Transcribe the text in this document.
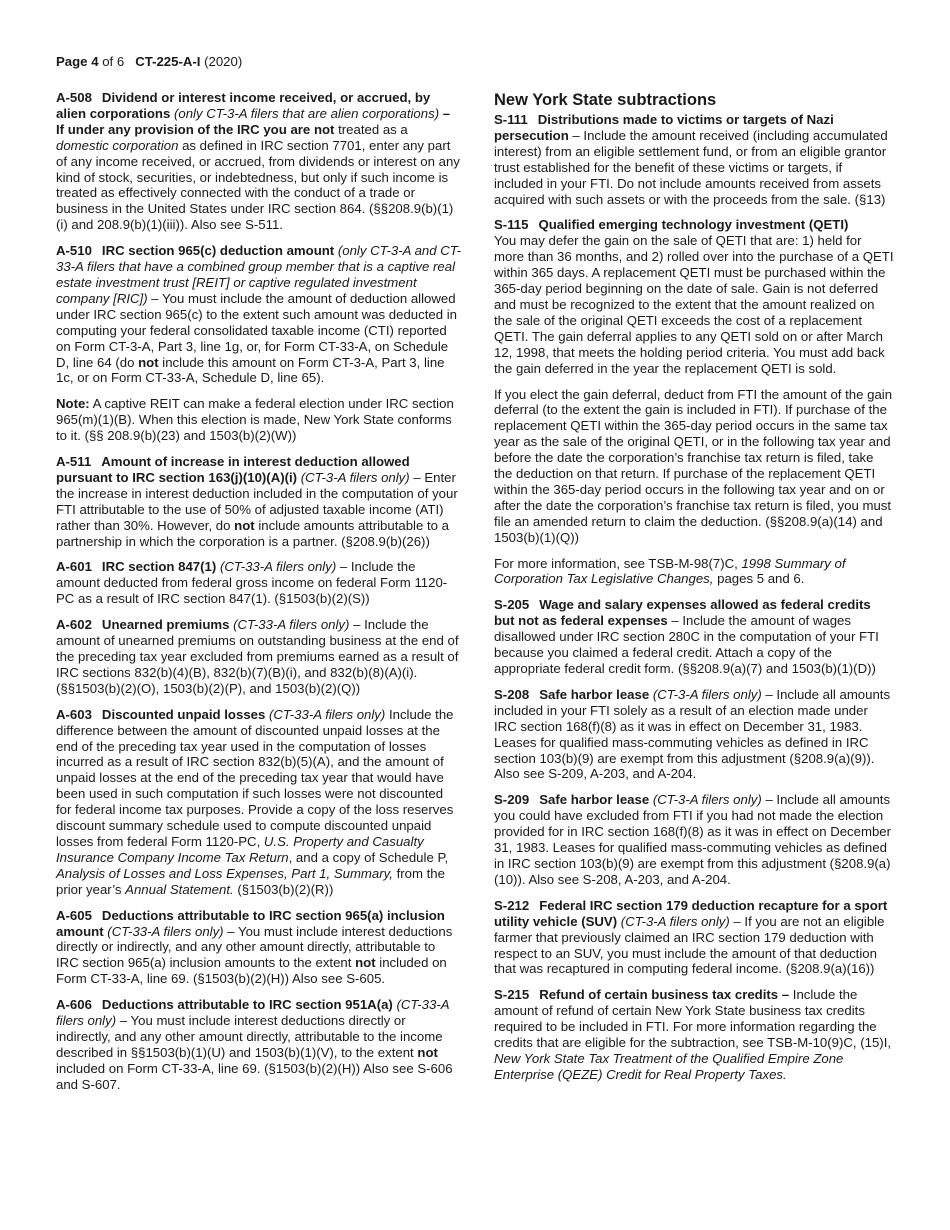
Page 4 of 6 CT-225-A-I (2020)

A-508 Dividend or interest income received, or accrued, by alien corporations (only CT-3-A filers that are alien corporations) – If under any provision of the IRC you are not treated as a domestic corporation as defined in IRC section 7701, enter any part of any income received, or accrued, from dividends or interest on any kind of stock, securities, or indebtedness, but only if such income is treated as effectively connected with the conduct of a trade or business in the United States under IRC section 864. (§§208.9(b)(1)(i) and 208.9(b)(1)(iii)). Also see S-511.

A-510 IRC section 965(c) deduction amount (only CT-3-A and CT-33-A filers that have a combined group member that is a captive real estate investment trust [REIT] or captive regulated investment company [RIC]) – You must include the amount of deduction allowed under IRC section 965(c) to the extent such amount was deducted in computing your federal consolidated taxable income (CTI) reported on Form CT-3-A, Part 3, line 1g, or, for Form CT-33-A, on Schedule D, line 64 (do not include this amount on Form CT-3-A, Part 3, line 1c, or on Form CT-33-A, Schedule D, line 65).

Note: A captive REIT can make a federal election under IRC section 965(m)(1)(B). When this election is made, New York State conforms to it. (§§ 208.9(b)(23) and 1503(b)(2)(W))

A-511 Amount of increase in interest deduction allowed pursuant to IRC section 163(j)(10)(A)(i) (CT-3-A filers only) – Enter the increase in interest deduction included in the computation of your FTI attributable to the use of 50% of adjusted taxable income (ATI) rather than 30%. However, do not include amounts attributable to a partnership in which the corporation is a partner. (§208.9(b)(26))

A-601 IRC section 847(1) (CT-33-A filers only) – Include the amount deducted from federal gross income on federal Form 1120-PC as a result of IRC section 847(1). (§1503(b)(2)(S))

A-602 Unearned premiums (CT-33-A filers only) – Include the amount of unearned premiums on outstanding business at the end of the preceding tax year excluded from premiums earned as a result of IRC sections 832(b)(4)(B), 832(b)(7)(B)(i), and 832(b)(8)(A)(i). (§§1503(b)(2)(O), 1503(b)(2)(P), and 1503(b)(2)(Q))

A-603 Discounted unpaid losses (CT-33-A filers only) Include the difference between the amount of discounted unpaid losses at the end of the preceding tax year used in the computation of losses incurred as a result of IRC section 832(b)(5)(A), and the amount of unpaid losses at the end of the preceding tax year that would have been used in such computation if such losses were not discounted for federal income tax purposes. Provide a copy of the loss reserves discount summary schedule used to compute discounted unpaid losses from federal Form 1120-PC, U.S. Property and Casualty Insurance Company Income Tax Return, and a copy of Schedule P, Analysis of Losses and Loss Expenses, Part 1, Summary, from the prior year’s Annual Statement. (§1503(b)(2)(R))

A-605 Deductions attributable to IRC section 965(a) inclusion amount (CT-33-A filers only) – You must include interest deductions directly or indirectly, and any other amount directly, attributable to IRC section 965(a) inclusion amounts to the extent not included on Form CT-33-A, line 69. (§1503(b)(2)(H)) Also see S-605.

A-606 Deductions attributable to IRC section 951A(a) (CT-33-A filers only) – You must include interest deductions directly or indirectly, and any other amount directly, attributable to the income described in §§1503(b)(1)(U) and 1503(b)(1)(V), to the extent not included on Form CT-33-A, line 69. (§1503(b)(2)(H)) Also see S-606 and S-607.

New York State subtractions

S-111 Distributions made to victims or targets of Nazi persecution – Include the amount received (including accumulated interest) from an eligible settlement fund, or from an eligible grantor trust established for the benefit of these victims or targets, if included in your FTI. Do not include amounts received from assets acquired with such assets or with the proceeds from the sale. (§13)

S-115 Qualified emerging technology investment (QETI)
You may defer the gain on the sale of QETI that are: 1) held for more than 36 months, and 2) rolled over into the purchase of a QETI within 365 days. A replacement QETI must be purchased within the 365-day period beginning on the date of sale. Gain is not deferred and must be recognized to the extent that the amount realized on the sale of the original QETI exceeds the cost of a replacement QETI. The gain deferral applies to any QETI sold on or after March 12, 1998, that meets the holding period criteria. You must add back the gain deferred in the year the replacement QETI is sold.

If you elect the gain deferral, deduct from FTI the amount of the gain deferral (to the extent the gain is included in FTI). If purchase of the replacement QETI within the 365-day period occurs in the same tax year as the sale of the original QETI, or in the following tax year and before the date the corporation’s franchise tax return is filed, take the deduction on that return. If purchase of the replacement QETI within the 365-day period occurs in the following tax year and on or after the date the corporation’s franchise tax return is filed, you must file an amended return to claim the deduction. (§§208.9(a)(14) and 1503(b)(1)(Q))

For more information, see TSB-M-98(7)C, 1998 Summary of Corporation Tax Legislative Changes, pages 5 and 6.

S-205 Wage and salary expenses allowed as federal credits but not as federal expenses – Include the amount of wages disallowed under IRC section 280C in the computation of your FTI because you claimed a federal credit. Attach a copy of the appropriate federal credit form. (§§208.9(a)(7) and 1503(b)(1)(D))

S-208 Safe harbor lease (CT-3-A filers only) – Include all amounts included in your FTI solely as a result of an election made under IRC section 168(f)(8) as it was in effect on December 31, 1983. Leases for qualified mass-commuting vehicles as defined in IRC section 103(b)(9) are exempt from this adjustment (§208.9(a)(9)). Also see S-209, A-203, and A-204.

S-209 Safe harbor lease (CT-3-A filers only) – Include all amounts you could have excluded from FTI if you had not made the election provided for in IRC section 168(f)(8) as it was in effect on December 31, 1983. Leases for qualified mass-commuting vehicles as defined in IRC section 103(b)(9) are exempt from this adjustment (§208.9(a)(10)). Also see S-208, A-203, and A-204.

S-212 Federal IRC section 179 deduction recapture for a sport utility vehicle (SUV) (CT-3-A filers only) – If you are not an eligible farmer that previously claimed an IRC section 179 deduction with respect to an SUV, you must include the amount of that deduction that was recaptured in computing federal income. (§208.9(a)(16))

S-215 Refund of certain business tax credits – Include the amount of refund of certain New York State business tax credits required to be included in FTI. For more information regarding the credits that are eligible for the subtraction, see TSB-M-10(9)C, (15)I, New York State Tax Treatment of the Qualified Empire Zone Enterprise (QEZE) Credit for Real Property Taxes.
